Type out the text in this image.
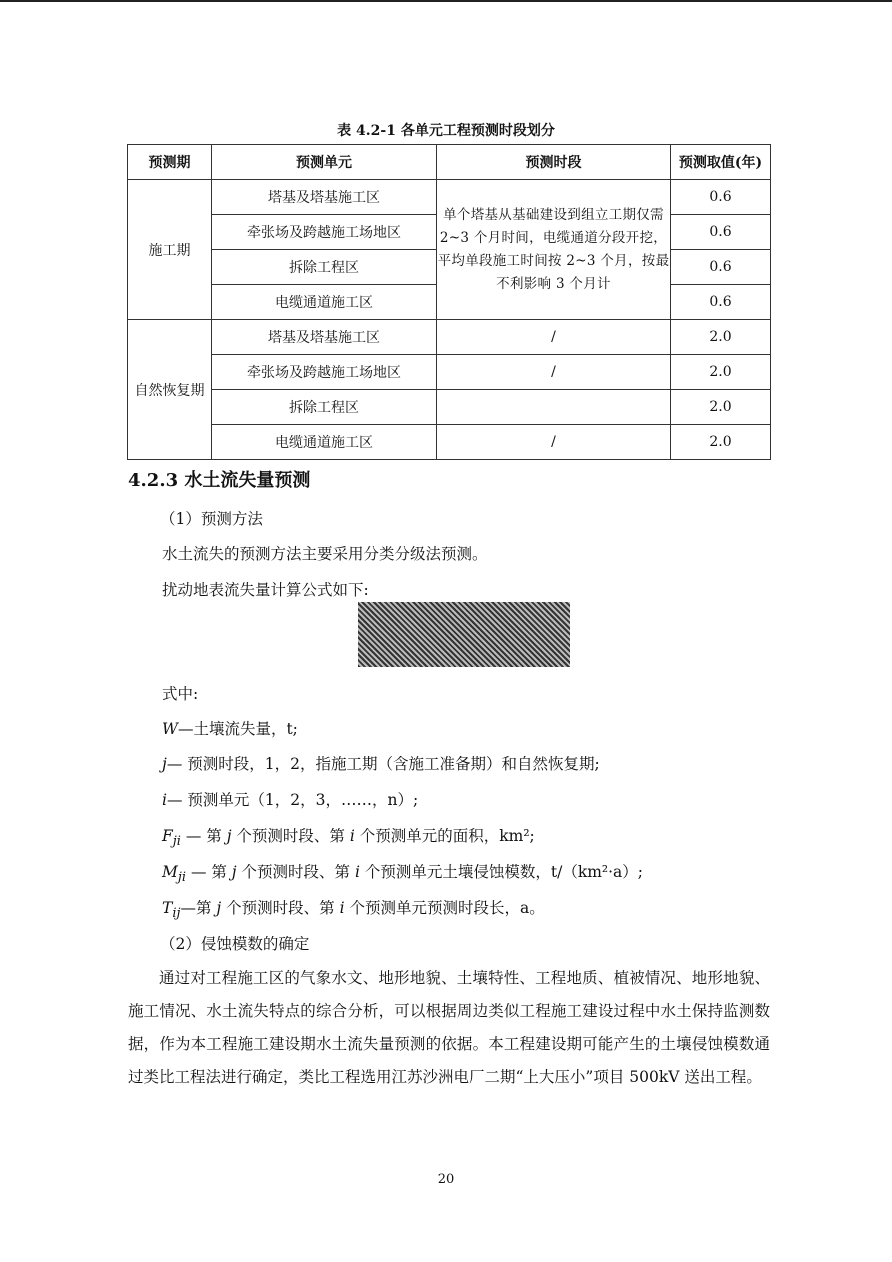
表 4.2-1 各单元工程预测时段划分
预测期	预测单元	预测时段	预测取值(年)
施工期	塔基及塔基施工区	单个塔基从基础建设到组立工期仅需 2~3 个月时间，电缆通道分段开挖，平均单段施工时间按 2~3 个月，按最不利影响 3 个月计	0.6
	牵张场及跨越施工场地区		0.6
	拆除工程区		0.6
	电缆通道施工区		0.6
自然恢复期	塔基及塔基施工区	/	2.0
	牵张场及跨越施工场地区	/	2.0
	拆除工程区		2.0
	电缆通道施工区	/	2.0
4.2.3 水土流失量预测
（1）预测方法
水土流失的预测方法主要采用分类分级法预测。
扰动地表流失量计算公式如下:
式中:
W—土壤流失量，t;
j— 预测时段，1，2，指施工期（含施工准备期）和自然恢复期;
i— 预测单元（1，2，3，……，n）;
$F_{ji}$ — 第 j 个预测时段、第 i 个预测单元的面积，km²;
$M_{ji}$ — 第 j 个预测时段、第 i 个预测单元土壤侵蚀模数，t/（km²·a）;
$T_{ij}—$第 j 个预测时段、第 i 个预测单元预测时段长，a。
（2）侵蚀模数的确定

通过对工程施工区的气象水文、地形地貌、土壤特性、工程地质、植被情况、地形地貌、施工情况、水土流失特点的综合分析，可以根据周边类似工程施工建设过程中水土保持监测数据，作为本工程施工建设期水土流失量预测的依据。本工程建设期可能产生的土壤侵蚀模数通过类比工程法进行确定，类比工程选用江苏沙洲电厂二期“上大压小”项目 500kV 送出工程。

20
